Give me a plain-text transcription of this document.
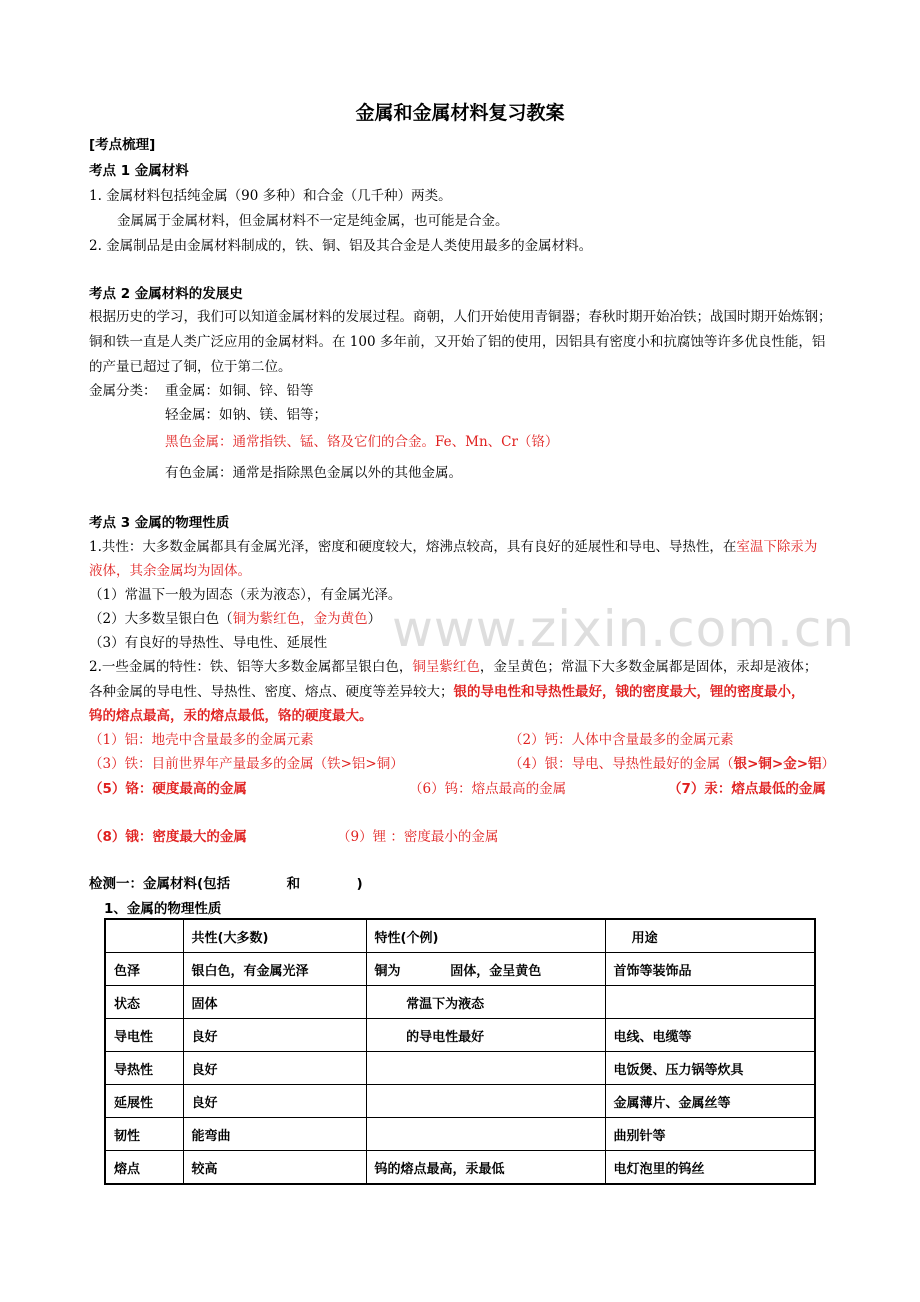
www.zixin.com.cn
金属和金属材料复习教案
[考点梳理]
考点 1 金属材料
1. 金属材料包括纯金属（90 多种）和合金（几千种）两类。
金属属于金属材料，但金属材料不一定是纯金属，也可能是合金。
2. 金属制品是由金属材料制成的，铁、铜、铝及其合金是人类使用最多的金属材料。
考点 2 金属材料的发展史
根据历史的学习，我们可以知道金属材料的发展过程。商朝，人们开始使用青铜器；春秋时期开始冶铁；战国时期开始炼钢；
铜和铁一直是人类广泛应用的金属材料。在 100 多年前，又开始了铝的使用，因铝具有密度小和抗腐蚀等许多优良性能，铝
的产量已超过了铜，位于第二位。
金属分类： 重金属：如铜、锌、铅等
轻金属：如钠、镁、铝等；
黑色金属：通常指铁、锰、铬及它们的合金。Fe、Mn、Cr（铬）
有色金属：通常是指除黑色金属以外的其他金属。
考点 3 金属的物理性质
1.共性：大多数金属都具有金属光泽，密度和硬度较大，熔沸点较高，具有良好的延展性和导电、导热性，在室温下除汞为
液体，其余金属均为固体。
（1）常温下一般为固态（汞为液态），有金属光泽。
（2）大多数呈银白色（铜为紫红色，金为黄色）
（3）有良好的导热性、导电性、延展性
2.一些金属的特性：铁、铝等大多数金属都呈银白色，铜呈紫红色，金呈黄色；常温下大多数金属都是固体，汞却是液体；
各种金属的导电性、导热性、密度、熔点、硬度等差异较大；银的导电性和导热性最好，锇的密度最大，锂的密度最小，
钨的熔点最高，汞的熔点最低，铬的硬度最大。
（1）铝：地壳中含量最多的金属元素	（2）钙：人体中含量最多的金属元素
（3）铁：目前世界年产量最多的金属（铁>铝>铜）	（4）银：导电、导热性最好的金属（银>铜>金>铝）
（5）铬：硬度最高的金属	（6）钨：熔点最高的金属	（7）汞：熔点最低的金属
（8）锇：密度最大的金属	（9）锂 ：密度最小的金属
检测一：金属材料(包括            和            )
1、金属的物理性质
	共性(大多数)	特性(个例)	用途
色泽	银白色，有金属光泽	铜为           固体，金呈黄色	首饰等装饰品
状态	固体	常温下为液态	
导电性	良好	的导电性最好	电线、电缆等
导热性	良好		电饭煲、压力锅等炊具
延展性	良好		金属薄片、金属丝等
韧性	能弯曲		曲别针等
熔点	较高	钨的熔点最高，汞最低	电灯泡里的钨丝
